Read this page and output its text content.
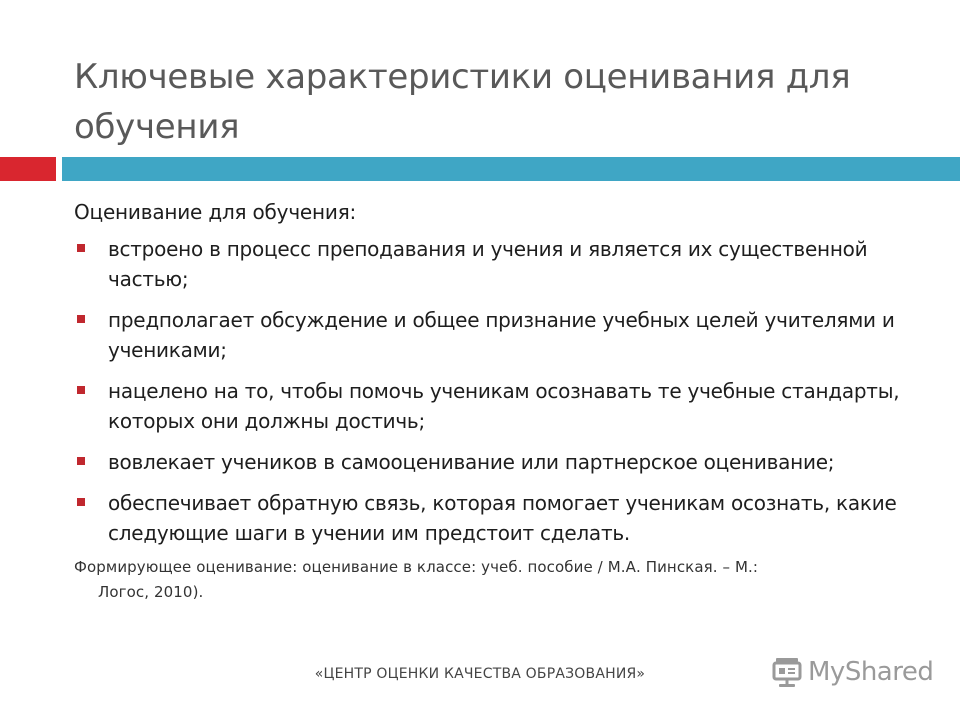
Ключевые характеристики оценивания для обучения

Оценивание для обучения:

встроено в процесс преподавания и учения и является их существенной частью;
предполагает обсуждение и общее признание учебных целей учителями и учениками;
нацелено на то, чтобы помочь ученикам осознавать те учебные стандарты, которых они должны достичь;
вовлекает учеников в самооценивание или партнерское оценивание;
обеспечивает обратную связь, которая помогает ученикам осознать, какие следующие шаги в учении им предстоит сделать.
Формирующее оценивание: оценивание в классе: учеб. пособие / М.А. Пинская. – М.:
Логос, 2010).
«ЦЕНТР ОЦЕНКИ КАЧЕСТВА ОБРАЗОВАНИЯ»	MyShared
